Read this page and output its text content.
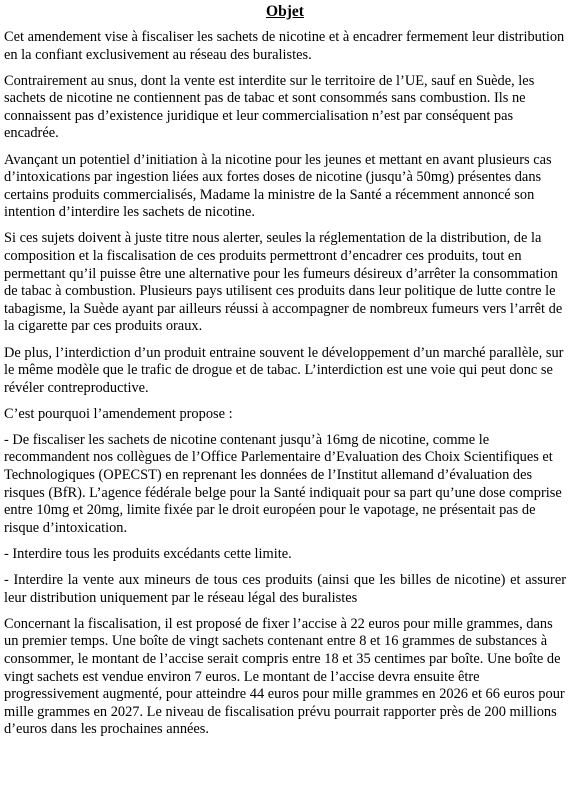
Objet

Cet amendement vise à fiscaliser les sachets de nicotine et à encadrer fermement leur distribution en la confiant exclusivement au réseau des buralistes.

Contrairement au snus, dont la vente est interdite sur le territoire de l’UE, sauf en Suède, les sachets de nicotine ne contiennent pas de tabac et sont consommés sans combustion. Ils ne connaissent pas d’existence juridique et leur commercialisation n’est par conséquent pas encadrée.

Avançant un potentiel d’initiation à la nicotine pour les jeunes et mettant en avant plusieurs cas d’intoxications par ingestion liées aux fortes doses de nicotine (jusqu’à 50mg) présentes dans certains produits commercialisés, Madame la ministre de la Santé a récemment annoncé son intention d’interdire les sachets de nicotine.

Si ces sujets doivent à juste titre nous alerter, seules la réglementation de la distribution, de la composition et la fiscalisation de ces produits permettront d’encadrer ces produits, tout en permettant qu’il puisse être une alternative pour les fumeurs désireux d’arrêter la consommation de tabac à combustion. Plusieurs pays utilisent ces produits dans leur politique de lutte contre le tabagisme, la Suède ayant par ailleurs réussi à accompagner de nombreux fumeurs vers l’arrêt de la cigarette par ces produits oraux.

De plus, l’interdiction d’un produit entraine souvent le développement d’un marché parallèle, sur le même modèle que le trafic de drogue et de tabac. L’interdiction est une voie qui peut donc se révéler contreproductive.

C’est pourquoi l’amendement propose :

- De fiscaliser les sachets de nicotine contenant jusqu’à 16mg de nicotine, comme le recommandent nos collègues de l’Office Parlementaire d’Evaluation des Choix Scientifiques et Technologiques (OPECST) en reprenant les données de l’Institut allemand d’évaluation des risques (BfR). L’agence fédérale belge pour la Santé indiquait pour sa part qu’une dose comprise entre 10mg et 20mg, limite fixée par le droit européen pour le vapotage, ne présentait pas de risque d’intoxication.

- Interdire tous les produits excédants cette limite.

- Interdire la vente aux mineurs de tous ces produits (ainsi que les billes de nicotine) et assurer leur distribution uniquement par le réseau légal des buralistes

Concernant la fiscalisation, il est proposé de fixer l’accise à 22 euros pour mille grammes, dans un premier temps. Une boîte de vingt sachets contenant entre 8 et 16 grammes de substances à consommer, le montant de l’accise serait compris entre 18 et 35 centimes par boîte. Une boîte de vingt sachets est vendue environ 7 euros. Le montant de l’accise devra ensuite être progressivement augmenté, pour atteindre 44 euros pour mille grammes en 2026 et 66 euros pour mille grammes en 2027. Le niveau de fiscalisation prévu pourrait rapporter près de 200 millions d’euros dans les prochaines années.
